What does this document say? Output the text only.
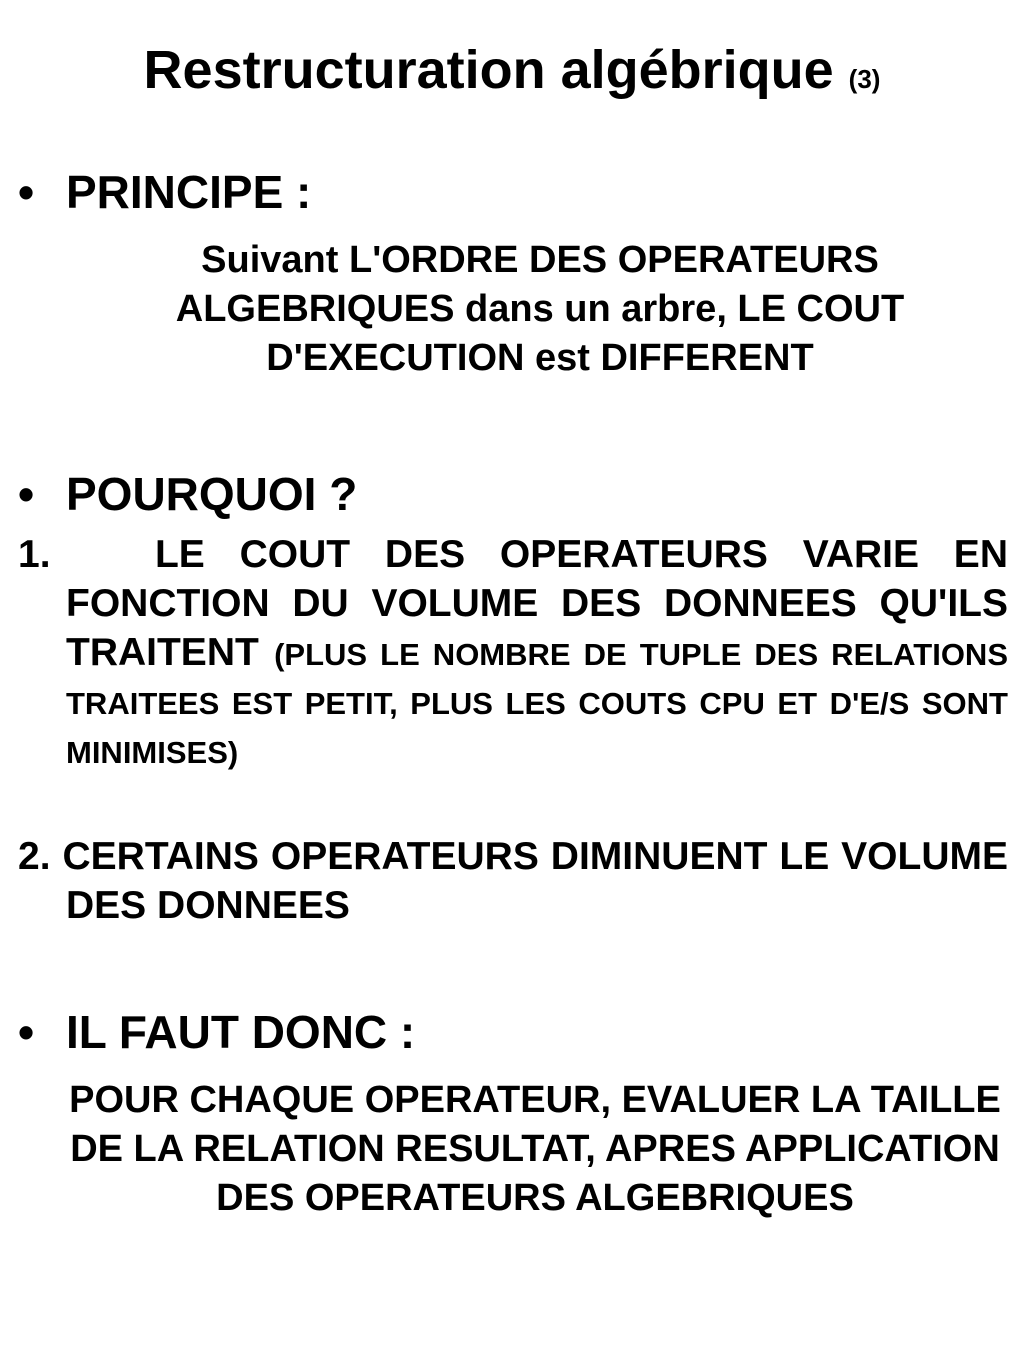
Restructuration algébrique (3)
• PRINCIPE :
Suivant L'ORDRE DES OPERATEURS ALGEBRIQUES dans un arbre, LE COUT D'EXECUTION est DIFFERENT
• POURQUOI ?
1.	LE COUT DES OPERATEURS VARIE EN FONCTION DU VOLUME DES DONNEES QU'ILS TRAITENT (PLUS LE NOMBRE DE TUPLE DES RELATIONS TRAITEES EST PETIT, PLUS LES COUTS CPU ET D'E/S SONT MINIMISES)
2. CERTAINS OPERATEURS DIMINUENT LE VOLUME DES DONNEES
• IL FAUT DONC :
POUR CHAQUE OPERATEUR, EVALUER LA TAILLE DE LA RELATION RESULTAT, APRES APPLICATION DES OPERATEURS ALGEBRIQUES
